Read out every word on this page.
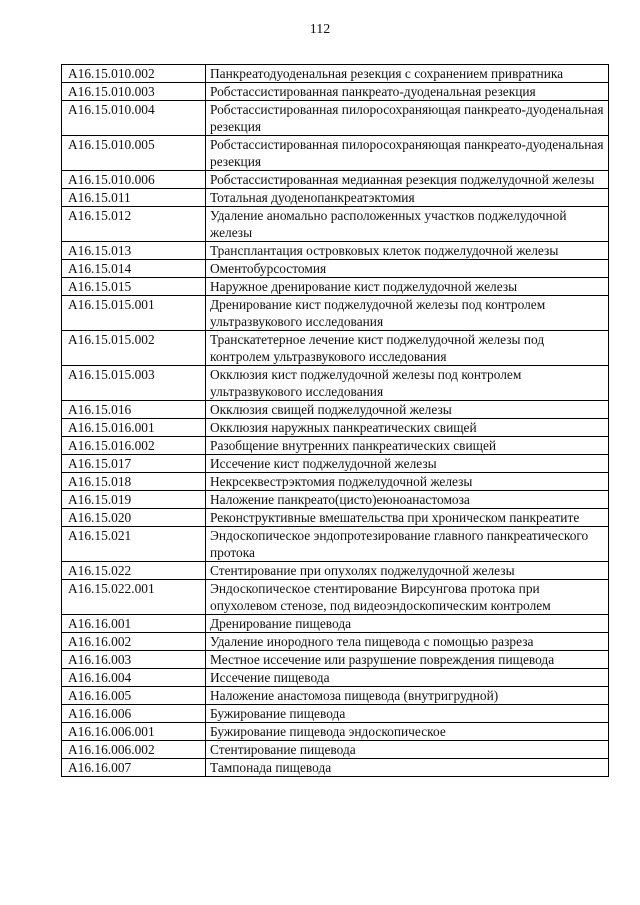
112
A16.15.010.002	Панкреатодуоденальная резекция с сохранением привратника
A16.15.010.003	Робстассистированная панкреато-дуоденальная резекция
A16.15.010.004	Робстассистированная пилоросохраняющая панкреато-дуоденальная резекция
A16.15.010.005	Робстассистированная пилоросохраняющая панкреато-дуоденальная резекция
A16.15.010.006	Робстассистированная медианная резекция поджелудочной железы
A16.15.011	Тотальная дуоденопанкреатэктомия
A16.15.012	Удаление аномально расположенных участков поджелудочной железы
A16.15.013	Трансплантация островковых клеток поджелудочной железы
A16.15.014	Оментобурсостомия
A16.15.015	Наружное дренирование кист поджелудочной железы
A16.15.015.001	Дренирование кист поджелудочной железы под контролем ультразвукового исследования
A16.15.015.002	Транскатетерное лечение кист поджелудочной железы под контролем ультразвукового исследования
A16.15.015.003	Окклюзия кист поджелудочной железы под контролем ультразвукового исследования
A16.15.016	Окклюзия свищей поджелудочной железы
A16.15.016.001	Окклюзия наружных панкреатических свищей
A16.15.016.002	Разобщение внутренних панкреатических свищей
A16.15.017	Иссечение кист поджелудочной железы
A16.15.018	Некрсеквестрэктомия поджелудочной железы
A16.15.019	Наложение панкреато(цисто)еюноанастомоза
A16.15.020	Реконструктивные вмешательства при хроническом панкреатите
A16.15.021	Эндоскопическое эндопротезирование главного панкреатического протока
A16.15.022	Стентирование при опухолях поджелудочной железы
A16.15.022.001	Эндоскопическое стентирование Вирсунгова протока при опухолевом стенозе, под видеоэндоскопическим контролем
A16.16.001	Дренирование пищевода
A16.16.002	Удаление инородного тела пищевода с помощью разреза
A16.16.003	Местное иссечение или разрушение повреждения пищевода
A16.16.004	Иссечение пищевода
A16.16.005	Наложение анастомоза пищевода (внутригрудной)
A16.16.006	Бужирование пищевода
A16.16.006.001	Бужирование пищевода эндоскопическое
A16.16.006.002	Стентирование пищевода
A16.16.007	Тампонада пищевода
